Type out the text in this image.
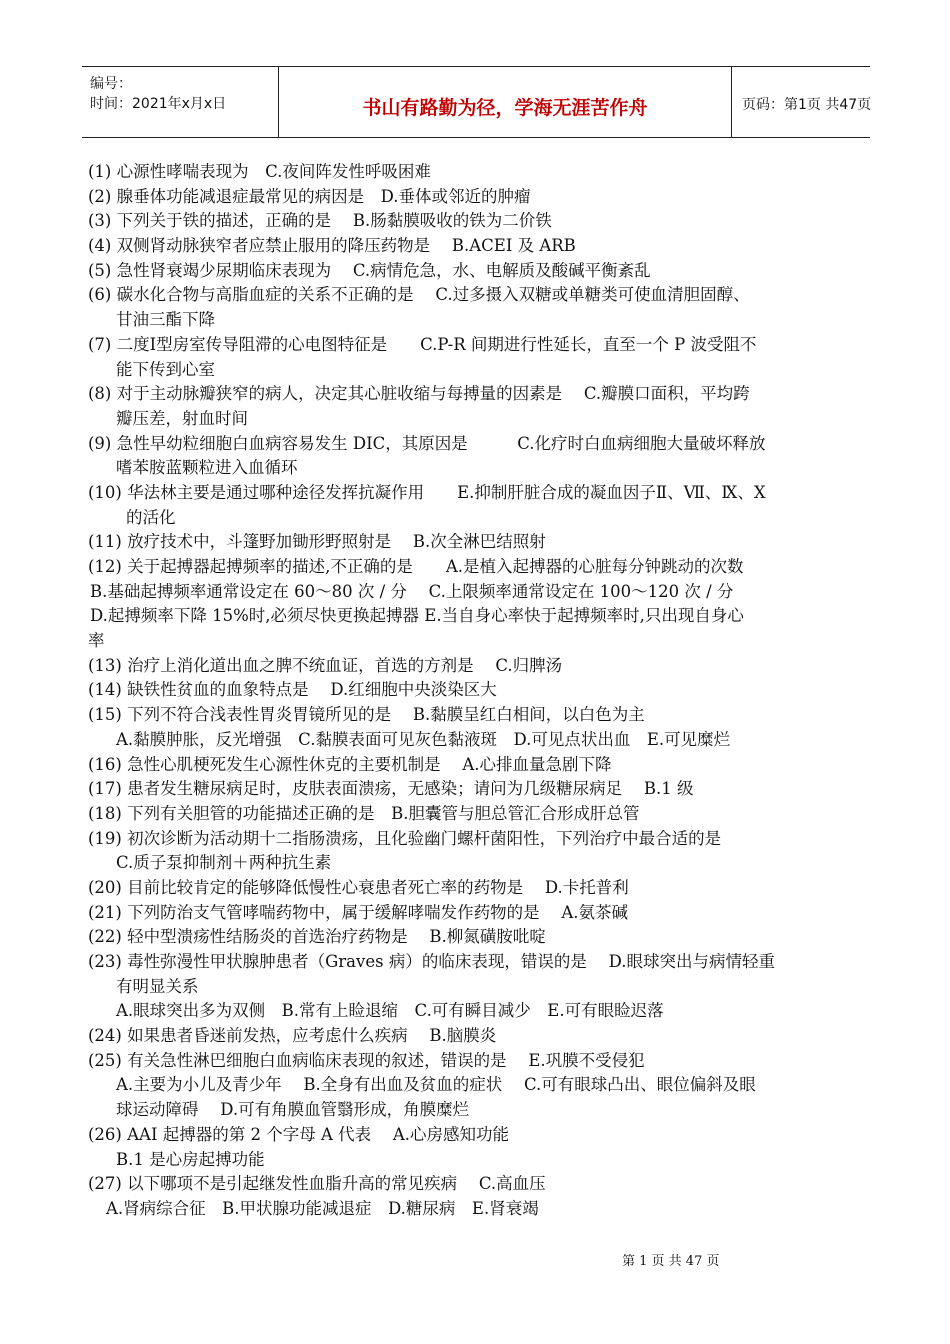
编号：
时间：2021年x月x日	书山有路勤为径，学海无涯苦作舟	页码：第1页 共47页
(1) 心源性哮喘表现为　C.夜间阵发性呼吸困难
(2) 腺垂体功能减退症最常见的病因是　D.垂体或邻近的肿瘤
(3) 下列关于铁的描述，正确的是　 B.肠黏膜吸收的铁为二价铁
(4) 双侧肾动脉狭窄者应禁止服用的降压药物是　 B.ACEI 及 ARB
(5) 急性肾衰竭少尿期临床表现为　 C.病情危急，水、电解质及酸碱平衡紊乱
(6) 碳水化合物与高脂血症的关系不正确的是　 C.过多摄入双糖或单糖类可使血清胆固醇、
甘油三酯下降
(7) 二度Ⅰ型房室传导阻滞的心电图特征是　　C.P-R 间期进行性延长，直至一个 P 波受阻不
能下传到心室
(8) 对于主动脉瓣狭窄的病人，决定其心脏收缩与每搏量的因素是　 C.瓣膜口面积，平均跨
瓣压差，射血时间
(9) 急性早幼粒细胞白血病容易发生 DIC，其原因是　　　C.化疗时白血病细胞大量破坏释放
嗜苯胺蓝颗粒进入血循环
(10) 华法林主要是通过哪种途径发挥抗凝作用　　E.抑制肝脏合成的凝血因子Ⅱ、Ⅶ、Ⅸ、X
的活化
(11) 放疗技术中，斗篷野加锄形野照射是　 B.次全淋巴结照射
(12) 关于起搏器起搏频率的描述,不正确的是　　A.是植入起搏器的心脏每分钟跳动的次数
B.基础起搏频率通常设定在 60～80 次 / 分　 C.上限频率通常设定在 100～120 次 / 分
D.起搏频率下降 15%时,必须尽快更换起搏器 E.当自身心率快于起搏频率时,只出现自身心
率
(13) 治疗上消化道出血之脾不统血证，首选的方剂是　 C.归脾汤
(14) 缺铁性贫血的血象特点是　 D.红细胞中央淡染区大
(15) 下列不符合浅表性胃炎胃镜所见的是　 B.黏膜呈红白相间，以白色为主
A.黏膜肿胀，反光增强　C.黏膜表面可见灰色黏液斑　D.可见点状出血　E.可见糜烂
(16) 急性心肌梗死发生心源性休克的主要机制是　 A.心排血量急剧下降
(17) 患者发生糖尿病足时，皮肤表面溃疡，无感染；请问为几级糖尿病足　 B.1 级
(18) 下列有关胆管的功能描述正确的是　B.胆囊管与胆总管汇合形成肝总管
(19) 初次诊断为活动期十二指肠溃疡，且化验幽门螺杆菌阳性，下列治疗中最合适的是
C.质子泵抑制剂＋两种抗生素
(20) 目前比较肯定的能够降低慢性心衰患者死亡率的药物是　 D.卡托普利
(21) 下列防治支气管哮喘药物中，属于缓解哮喘发作药物的是　 A.氨茶碱
(22) 轻中型溃疡性结肠炎的首选治疗药物是　 B.柳氮磺胺吡啶
(23) 毒性弥漫性甲状腺肿患者（Graves 病）的临床表现，错误的是　 D.眼球突出与病情轻重
有明显关系
A.眼球突出多为双侧　B.常有上睑退缩　C.可有瞬目减少　E.可有眼睑迟落
(24) 如果患者昏迷前发热，应考虑什么疾病　 B.脑膜炎
(25) 有关急性淋巴细胞白血病临床表现的叙述，错误的是　 E.巩膜不受侵犯
A.主要为小儿及青少年　 B.全身有出血及贫血的症状　 C.可有眼球凸出、眼位偏斜及眼
球运动障碍　 D.可有角膜血管翳形成，角膜糜烂
(26) AAI 起搏器的第 2 个字母 A 代表　 A.心房感知功能
B.1 是心房起搏功能
(27) 以下哪项不是引起继发性血脂升高的常见疾病　 C.高血压
A.肾病综合征　B.甲状腺功能减退症　D.糖尿病　E.肾衰竭
第 1 页 共 47 页
